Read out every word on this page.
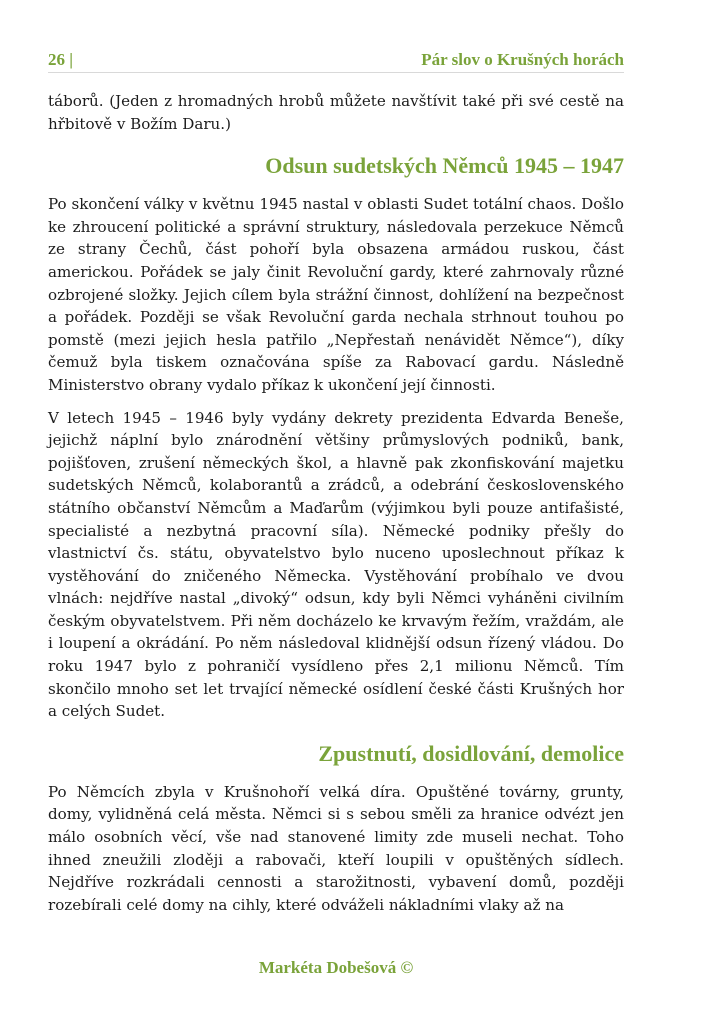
26 |	Pár slov o Krušných horách

táborů. (Jeden z hromadných hrobů můžete navštívit také při své cestě na hřbitově v Božím Daru.)

Odsun sudetských Němců 1945 – 1947

Po skončení války v květnu 1945 nastal v oblasti Sudet totální chaos. Došlo ke zhroucení politické a správní struktury, následovala perzekuce Němců ze strany Čechů, část pohoří byla obsazena armádou ruskou, část americkou. Pořádek se jaly činit Revoluční gardy, které zahrnovaly různé ozbrojené složky. Jejich cílem byla strážní činnost, dohlížení na bezpečnost a pořádek. Později se však Revoluční garda nechala strhnout touhou po pomstě (mezi jejich hesla patřilo „Nepřestaň nenávidět Němce“), díky čemuž byla tiskem označována spíše za Rabovací gardu. Následně Ministerstvo obrany vydalo příkaz k ukončení její činnosti.

V letech 1945 – 1946 byly vydány dekrety prezidenta Edvarda Beneše, jejichž náplní bylo znárodnění většiny průmyslových podniků, bank, pojišťoven, zrušení německých škol, a hlavně pak zkonfiskování majetku sudetských Němců, kolaborantů a zrádců, a odebrání československého státního občanství Němcům a Maďarům (výjimkou byli pouze antifašisté, specialisté a nezbytná pracovní síla). Německé podniky přešly do vlastnictví čs. státu, obyvatelstvo bylo nuceno uposlechnout příkaz k vystěhování do zničeného Německa. Vystěhování probíhalo ve dvou vlnách: nejdříve nastal „divoký“ odsun, kdy byli Němci vyháněni civilním českým obyvatelstvem. Při něm docházelo ke krvavým řežím, vraždám, ale i loupení a okrádání. Po něm následoval klidnější odsun řízený vládou. Do roku 1947 bylo z pohraničí vysídleno přes 2,1 milionu Němců. Tím skončilo mnoho set let trvající německé osídlení české části Krušných hor a celých Sudet.

Zpustnutí, dosidlování, demolice

Po Němcích zbyla v Krušnohoří velká díra. Opuštěné továrny, grunty, domy, vylidněná celá města. Němci si s sebou směli za hranice odvézt jen málo osobních věcí, vše nad stanovené limity zde museli nechat. Toho ihned zneužili zloději a rabovači, kteří loupili v opuštěných sídlech. Nejdříve rozkrádali cennosti a starožitnosti, vybavení domů, později rozebírali celé domy na cihly, které odváželi nákladními vlaky až na

Markéta Dobešová ©
